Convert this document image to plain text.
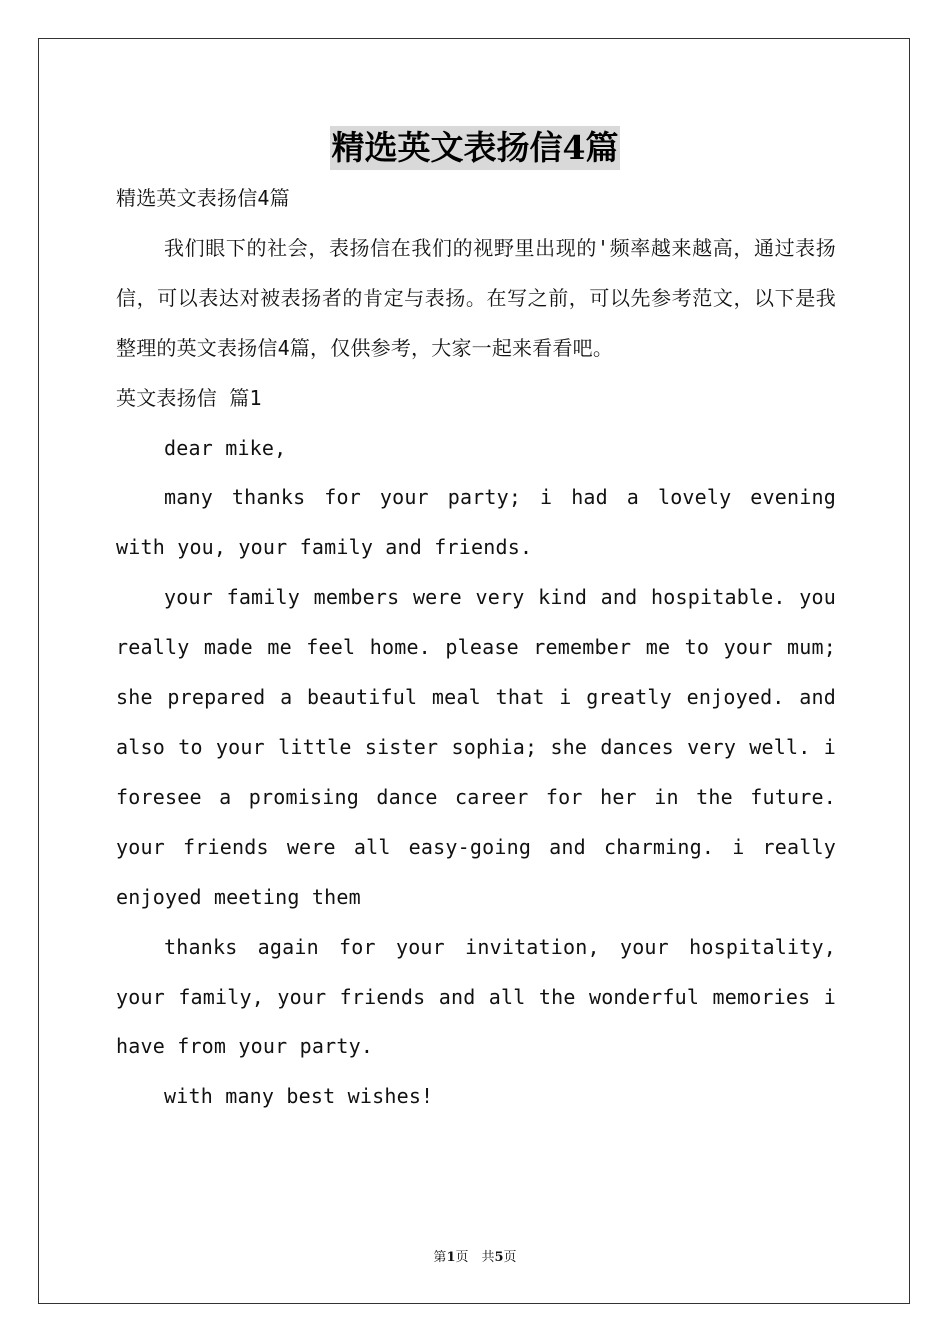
精选英文表扬信4篇

精选英文表扬信4篇

我们眼下的社会，表扬信在我们的视野里出现的'频率越来越高，通过表扬信，可以表达对被表扬者的肯定与表扬。在写之前，可以先参考范文，以下是我整理的英文表扬信4篇，仅供参考，大家一起来看看吧。

英文表扬信 篇1

dear mike,

many thanks for your party; i had a lovely evening with you, your family and friends.

your family members were very kind and hospitable. you really made me feel home. please remember me to your mum; she prepared a beautiful meal that i greatly enjoyed. and also to your little sister sophia; she dances very well. i foresee a promising dance career for her in the future. your friends were all easy-going and charming. i really enjoyed meeting them

thanks again for your invitation, your hospitality, your family, your friends and all the wonderful memories i have from your party.

with many best wishes!

第1页　共5页
